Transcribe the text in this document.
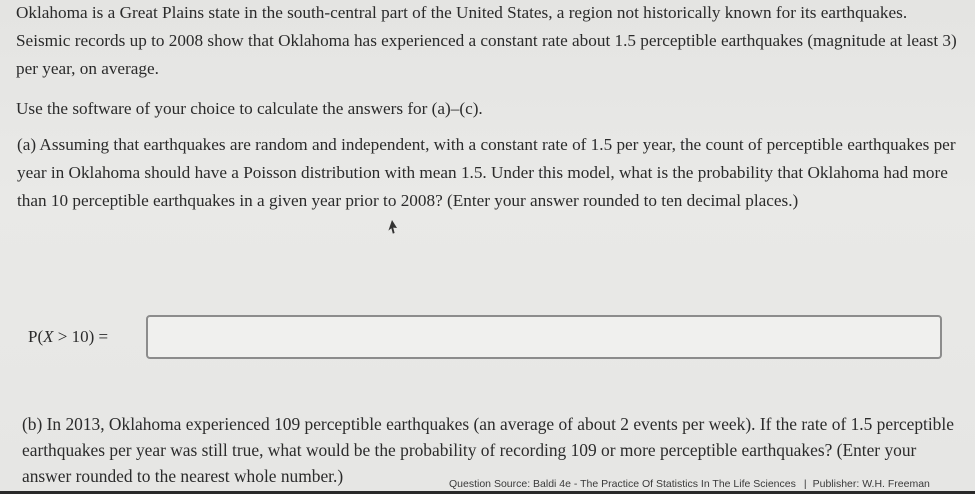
Oklahoma is a Great Plains state in the south-central part of the United States, a region not historically known for its earthquakes. Seismic records up to 2008 show that Oklahoma has experienced a constant rate about 1.5 perceptible earthquakes (magnitude at least 3) per year, on average.

Use the software of your choice to calculate the answers for (a)–(c).

(a) Assuming that earthquakes are random and independent, with a constant rate of 1.5 per year, the count of perceptible earthquakes per year in Oklahoma should have a Poisson distribution with mean 1.5. Under this model, what is the probability that Oklahoma had more than 10 perceptible earthquakes in a given year prior to 2008? (Enter your answer rounded to ten decimal places.)

P(X > 10) =

(b) In 2013, Oklahoma experienced 109 perceptible earthquakes (an average of about 2 events per week). If the rate of 1.5 perceptible earthquakes per year was still true, what would be the probability of recording 109 or more perceptible earthquakes? (Enter your answer rounded to the nearest whole number.)	Question Source: Baldi 4e - The Practice Of Statistics In The Life Sciences | Publisher: W.H. Freeman
